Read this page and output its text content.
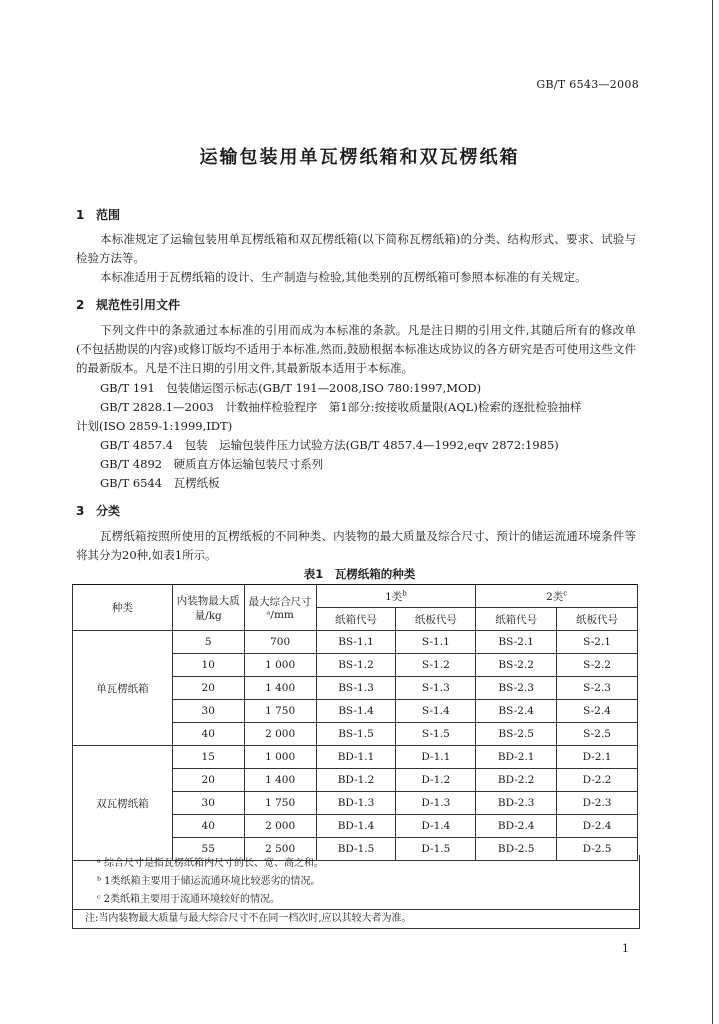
GB/T 6543—2008
运输包装用单瓦楞纸箱和双瓦楞纸箱
1 范围
本标准规定了运输包装用单瓦楞纸箱和双瓦楞纸箱(以下简称瓦楞纸箱)的分类、结构形式、要求、试验与检验方法等。
本标准适用于瓦楞纸箱的设计、生产制造与检验,其他类别的瓦楞纸箱可参照本标准的有关规定。
2 规范性引用文件
下列文件中的条款通过本标准的引用而成为本标准的条款。凡是注日期的引用文件,其随后所有的修改单(不包括勘误的内容)或修订版均不适用于本标准,然而,鼓励根据本标准达成协议的各方研究是否可使用这些文件的最新版本。凡是不注日期的引用文件,其最新版本适用于本标准。
GB/T 191　包装储运图示标志(GB/T 191—2008,ISO 780:1997,MOD)
GB/T 2828.1—2003　计数抽样检验程序　第1部分:按接收质量限(AQL)检索的逐批检验抽样
计划(ISO 2859-1:1999,IDT)
GB/T 4857.4　包装　运输包装件压力试验方法(GB/T 4857.4—1992,eqv 2872:1985)
GB/T 4892　硬质直方体运输包装尺寸系列
GB/T 6544　瓦楞纸板
3 分类
瓦楞纸箱按照所使用的瓦楞纸板的不同种类、内装物的最大质量及综合尺寸、预计的储运流通环境条件等将其分为20种,如表1所示。
表1　瓦楞纸箱的种类
种类	内装物最大质量/kg	最大综合尺寸ᵃ/mm	1类$^b$		2类$^c$
			纸箱代号	纸板代号	纸箱代号	纸板代号
单瓦楞纸箱	5	700	BS-1.1	S-1.1	BS-2.1	S-2.1
	10	1 000	BS-1.2	S-1.2	BS-2.2	S-2.2
	20	1 400	BS-1.3	S-1.3	BS-2.3	S-2.3
	30	1 750	BS-1.4	S-1.4	BS-2.4	S-2.4
	40	2 000	BS-1.5	S-1.5	BS-2.5	S-2.5
双瓦楞纸箱	15	1 000	BD-1.1	D-1.1	BD-2.1	D-2.1
	20	1 400	BD-1.2	D-1.2	BD-2.2	D-2.2
	30	1 750	BD-1.3	D-1.3	BD-2.3	D-2.3
	40	2 000	BD-1.4	D-1.4	BD-2.4	D-2.4
	55	2 500	BD-1.5	D-1.5	BD-2.5	D-2.5
ᵃ 综合尺寸是指瓦楞纸箱内尺寸的长、宽、高之和。
ᵇ 1类纸箱主要用于储运流通环境比较恶劣的情况。
ᶜ 2类纸箱主要用于流通环境较好的情况。
注:当内装物最大质量与最大综合尺寸不在同一档次时,应以其较大者为准。
1
